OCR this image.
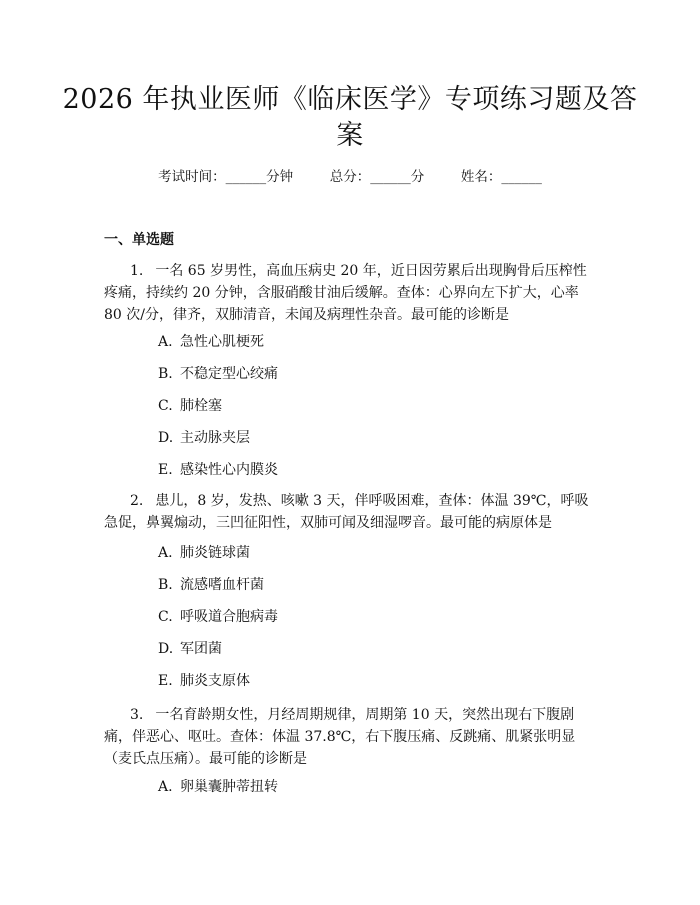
2026 年执业医师《临床医学》专项练习题及答案
考试时间：______分钟	总分：______分	姓名：______
一、单选题

1. 一名 65 岁男性，高血压病史 20 年，近日因劳累后出现胸骨后压榨性疼痛，持续约 20 分钟，含服硝酸甘油后缓解。查体：心界向左下扩大，心率 80 次/分，律齐，双肺清音，未闻及病理性杂音。最可能的诊断是

A. 急性心肌梗死
B. 不稳定型心绞痛
C. 肺栓塞
D. 主动脉夹层
E. 感染性心内膜炎

2. 患儿，8 岁，发热、咳嗽 3 天，伴呼吸困难，查体：体温 39℃，呼吸急促，鼻翼煽动，三凹征阳性，双肺可闻及细湿啰音。最可能的病原体是

A. 肺炎链球菌
B. 流感嗜血杆菌
C. 呼吸道合胞病毒
D. 军团菌
E. 肺炎支原体

3. 一名育龄期女性，月经周期规律，周期第 10 天，突然出现右下腹剧痛，伴恶心、呕吐。查体：体温 37.8℃，右下腹压痛、反跳痛、肌紧张明显（麦氏点压痛）。最可能的诊断是

A. 卵巢囊肿蒂扭转
